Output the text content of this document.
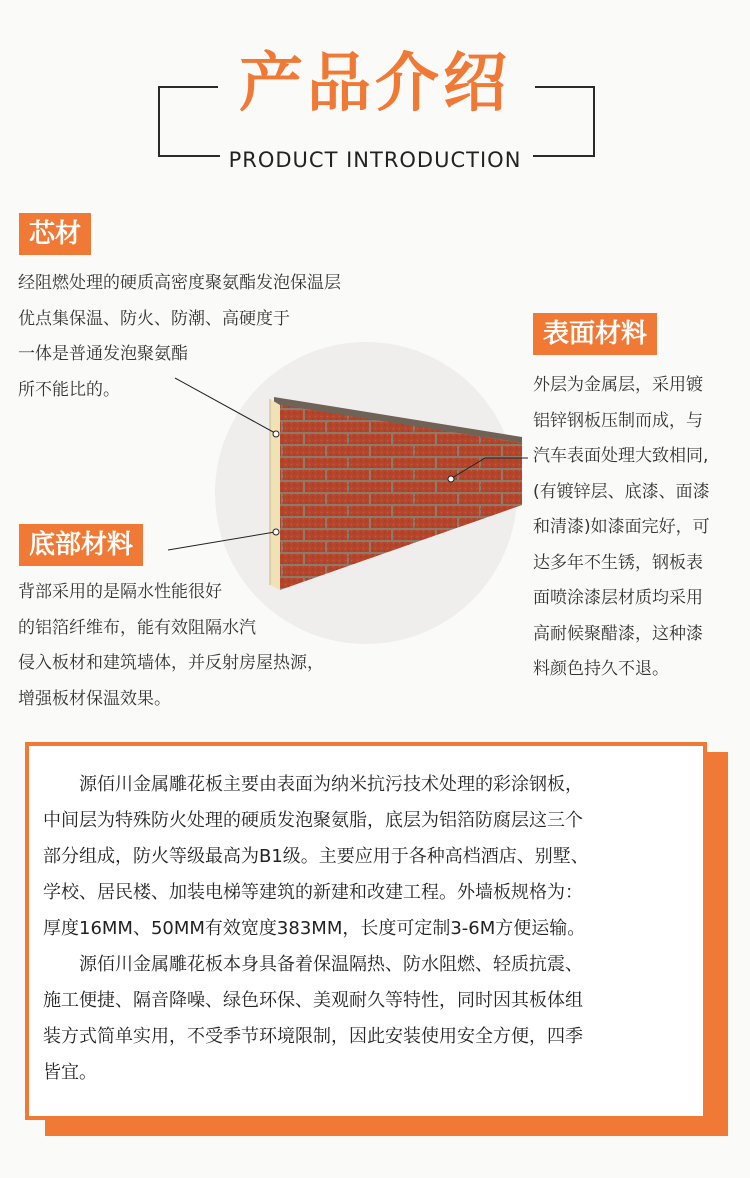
产品介绍
PRODUCT INTRODUCTION
芯材
经阻燃处理的硬质高密度聚氨酯发泡保温层
优点集保温、防火、防潮、高硬度于
一体是普通发泡聚氨酯
所不能比的。
表面材料
外层为金属层，采用镀
铝锌钢板压制而成，与
汽车表面处理大致相同,
(有镀锌层、底漆、面漆
和清漆)如漆面完好，可
达多年不生锈，钢板表
面喷涂漆层材质均采用
高耐候聚醋漆，这种漆
料颜色持久不退。
底部材料
背部采用的是隔水性能很好
的铝箔纤维布，能有效阻隔水汽
侵入板材和建筑墙体，并反射房屋热源，
增强板材保温效果。
　　源佰川金属雕花板主要由表面为纳米抗污技术处理的彩涂钢板，
中间层为特殊防火处理的硬质发泡聚氨脂，底层为铝箔防腐层这三个
部分组成，防火等级最高为B1级。主要应用于各种高档酒店、别墅、
学校、居民楼、加装电梯等建筑的新建和改建工程。外墙板规格为：
厚度16MM、50MM有效宽度383MM，长度可定制3-6M方便运输。
　　源佰川金属雕花板本身具备着保温隔热、防水阻燃、轻质抗震、
施工便捷、隔音降噪、绿色环保、美观耐久等特性，同时因其板体组
装方式简单实用，不受季节环境限制，因此安装使用安全方便，四季
皆宜。
